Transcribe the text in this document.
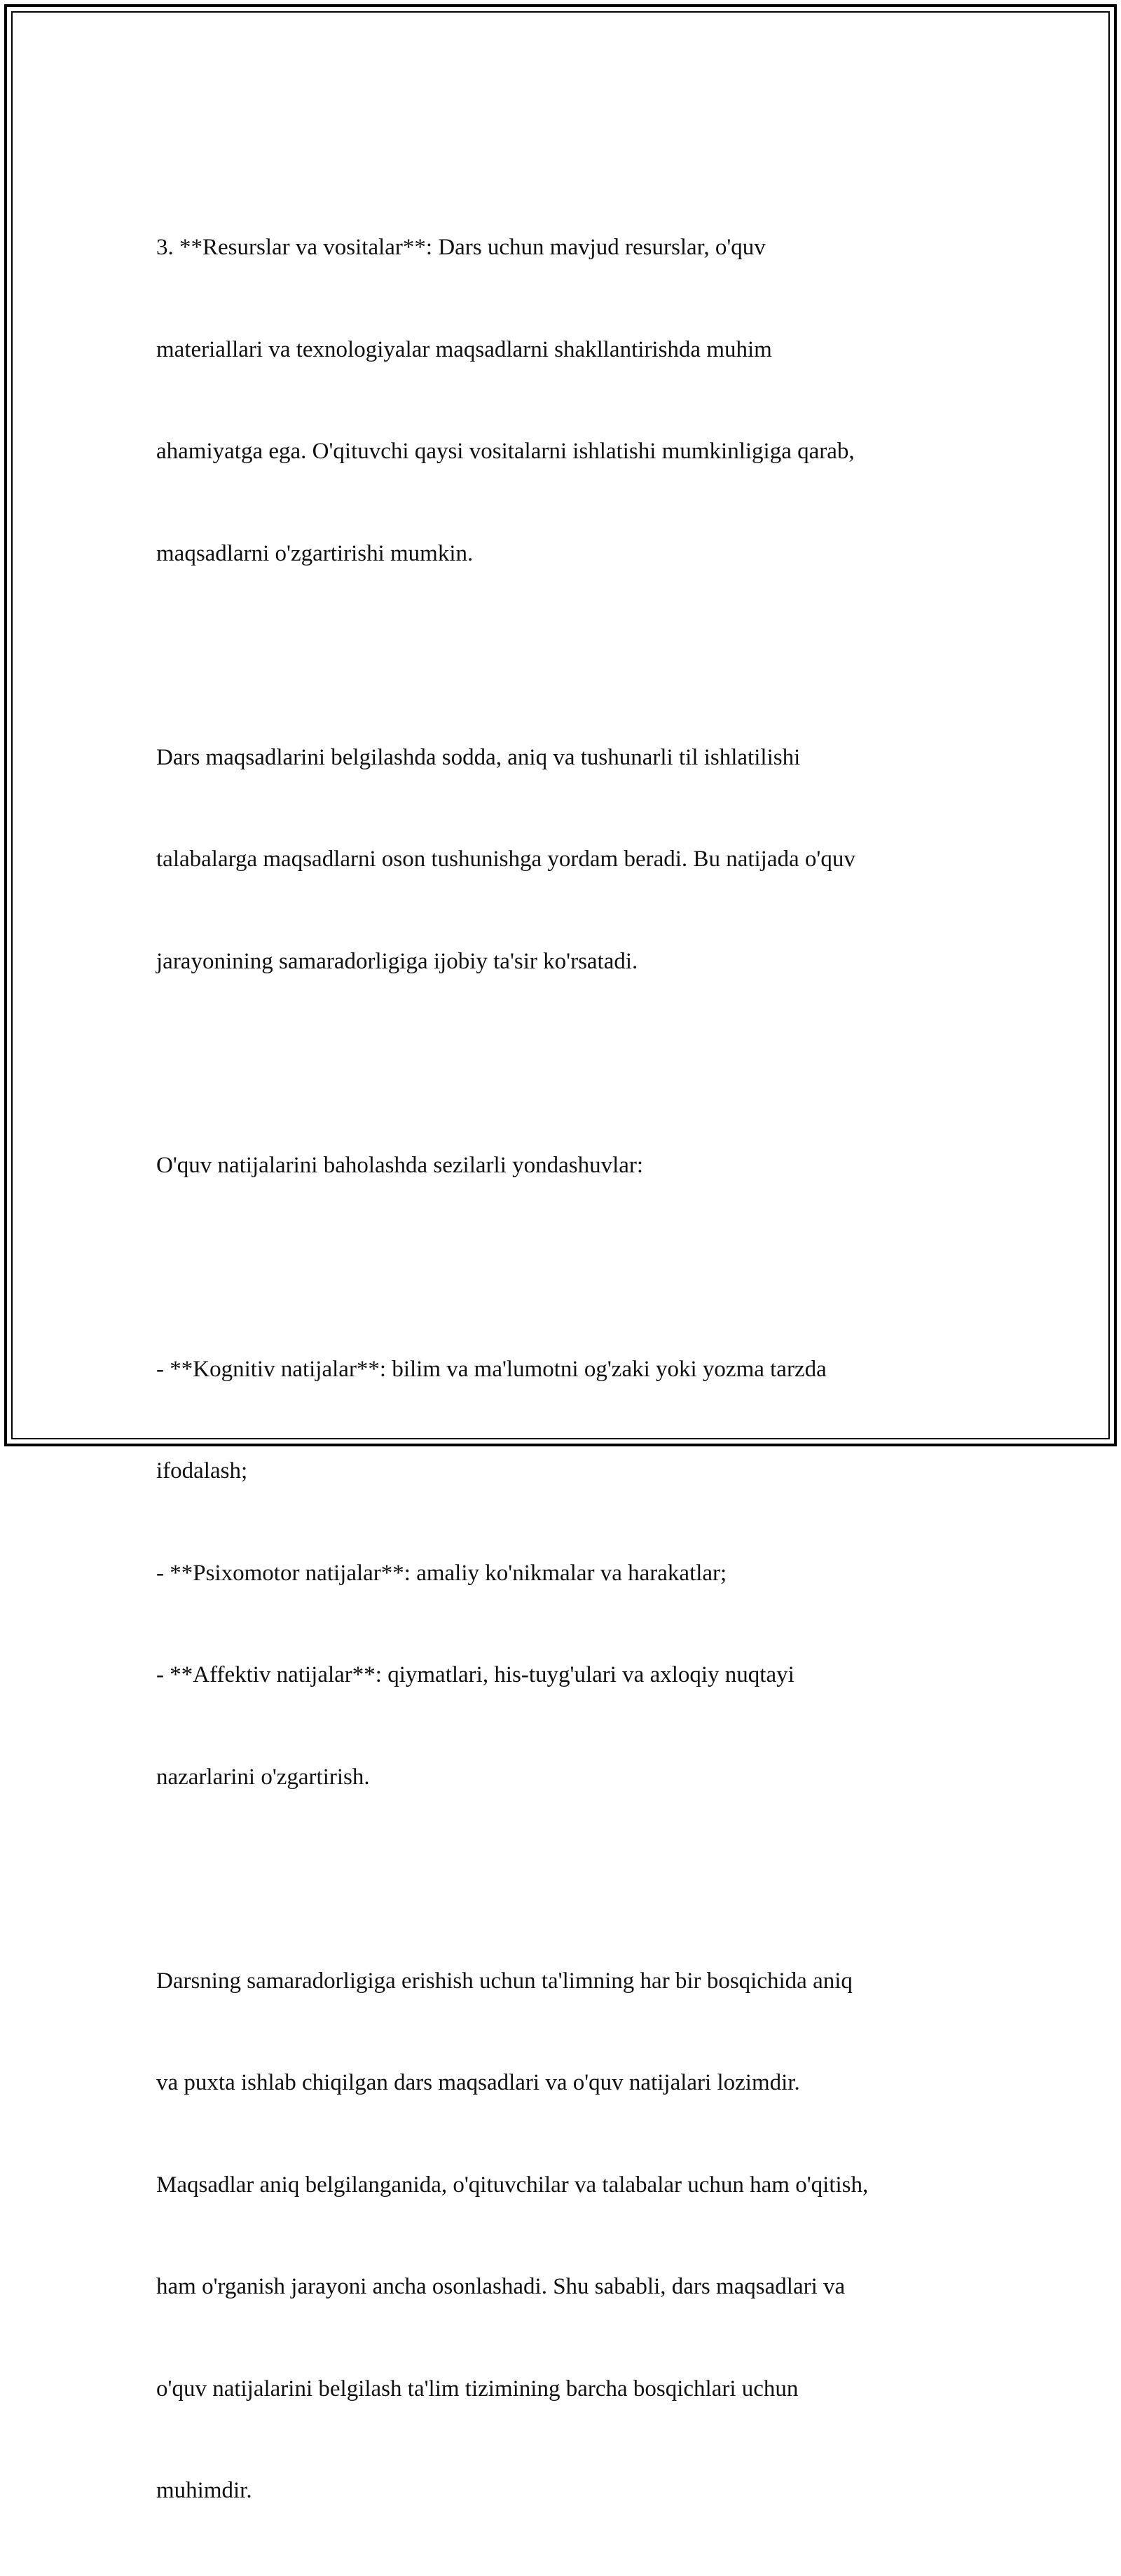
3. **Resurslar va vositalar**: Dars uchun mavjud resurslar, o'quv

materiallari va texnologiyalar maqsadlarni shakllantirishda muhim

ahamiyatga ega. O'qituvchi qaysi vositalarni ishlatishi mumkinligiga qarab,

maqsadlarni o'zgartirishi mumkin.

Dars maqsadlarini belgilashda sodda, aniq va tushunarli til ishlatilishi

talabalarga maqsadlarni oson tushunishga yordam beradi. Bu natijada o'quv

jarayonining samaradorligiga ijobiy ta'sir ko'rsatadi.

O'quv natijalarini baholashda sezilarli yondashuvlar:

- **Kognitiv natijalar**: bilim va ma'lumotni og'zaki yoki yozma tarzda

ifodalash;

- **Psixomotor natijalar**: amaliy ko'nikmalar va harakatlar;

- **Affektiv natijalar**: qiymatlari, his-tuyg'ulari va axloqiy nuqtayi

nazarlarini o'zgartirish.

Darsning samaradorligiga erishish uchun ta'limning har bir bosqichida aniq

va puxta ishlab chiqilgan dars maqsadlari va o'quv natijalari lozimdir.

Maqsadlar aniq belgilanganida, o'qituvchilar va talabalar uchun ham o'qitish,

ham o'rganish jarayoni ancha osonlashadi. Shu sababli, dars maqsadlari va

o'quv natijalarini belgilash ta'lim tizimining barcha bosqichlari uchun

muhimdir.
